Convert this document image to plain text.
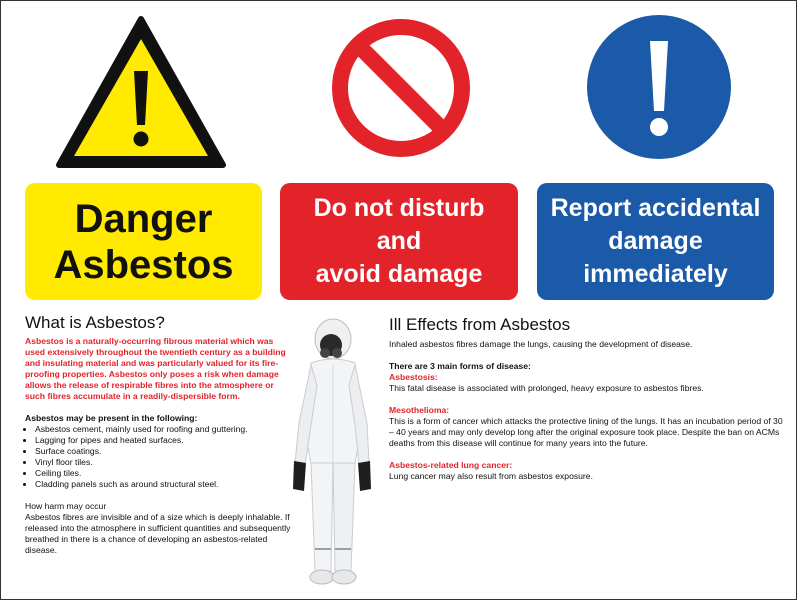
Danger
Asbestos
Do not disturb
and
avoid damage
Report accidental
damage
immediately
What is Asbestos?

Asbestos is a naturally-occurring fibrous material which was used extensively throughout the twentieth century as a building and insulating material and was particularly valued for its fire-proofing properties. Asbestos only poses a risk when damage allows the release of respirable fibres into the atmosphere or such fibres accumulate in a readily-dispersible form.

Asbestos may be present in the following:

• Asbestos cement, mainly used for roofing and guttering.
• Lagging for pipes and heated surfaces.
• Surface coatings.
• Vinyl floor tiles.
• Ceiling tiles.
• Cladding panels such as around structural steel.

How harm may occur

Asbestos fibres are invisible and of a size which is deeply inhalable. If released into the atmosphere in sufficient quantities and subsequently breathed in there is a chance of developing an asbestos-related disease.

Ill Effects from Asbestos

Inhaled asbestos fibres damage the lungs, causing the development of disease.

There are 3 main forms of disease:

Asbestosis:

This fatal disease is associated with prolonged, heavy exposure to asbestos fibres.

Mesothelioma:

This is a form of cancer which attacks the protective lining of the lungs. It has an incubation period of 30 – 40 years and may only develop long after the original exposure took place. Despite the ban on ACMs deaths from this disease will continue for many years into the future.

Asbestos-related lung cancer:

Lung cancer may also result from asbestos exposure.
